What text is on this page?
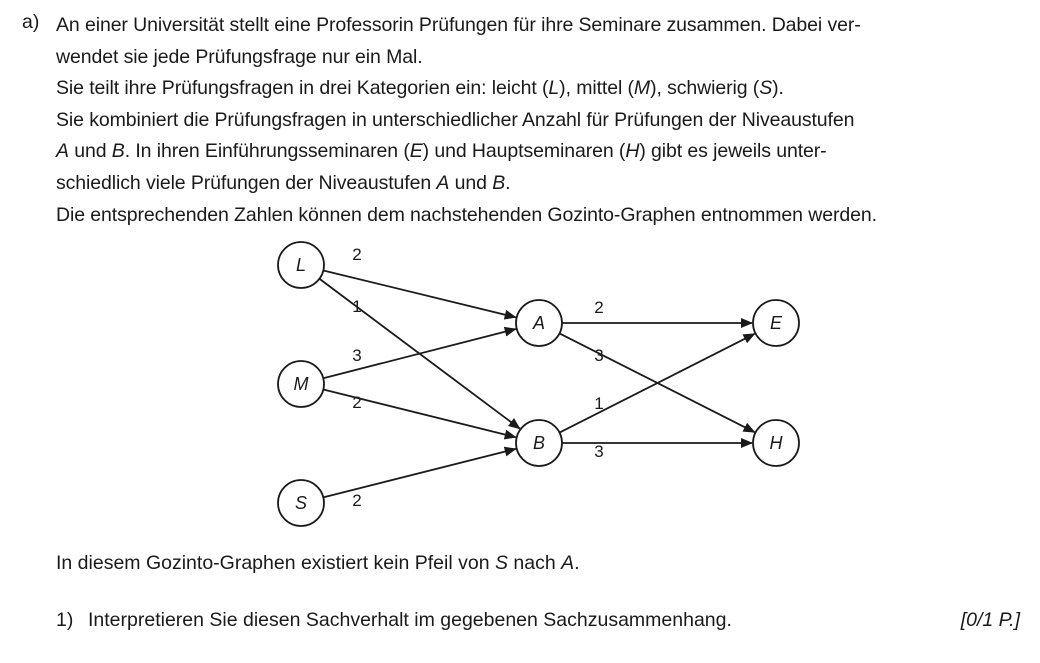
a) An einer Universität stellt eine Professorin Prüfungen für ihre Seminare zusammen. Dabei ver-
wendet sie jede Prüfungsfrage nur ein Mal.
Sie teilt ihre Prüfungsfragen in drei Kategorien ein: leicht (L), mittel (M), schwierig (S).
Sie kombiniert die Prüfungsfragen in unterschiedlicher Anzahl für Prüfungen der Niveaustufen
A und B. In ihren Einführungsseminaren (E) und Hauptseminaren (H) gibt es jeweils unter-
schiedlich viele Prüfungen der Niveaustufen A und B.
Die entsprechenden Zahlen können dem nachstehenden Gozinto-Graphen entnommen werden.
2
1
3
2
2
2
3
1
3
L
M
S
A
B
E
H
In diesem Gozinto-Graphen existiert kein Pfeil von S nach A.
1) Interpretieren Sie diesen Sachverhalt im gegebenen Sachzusammenhang.	[0/1 P.]
